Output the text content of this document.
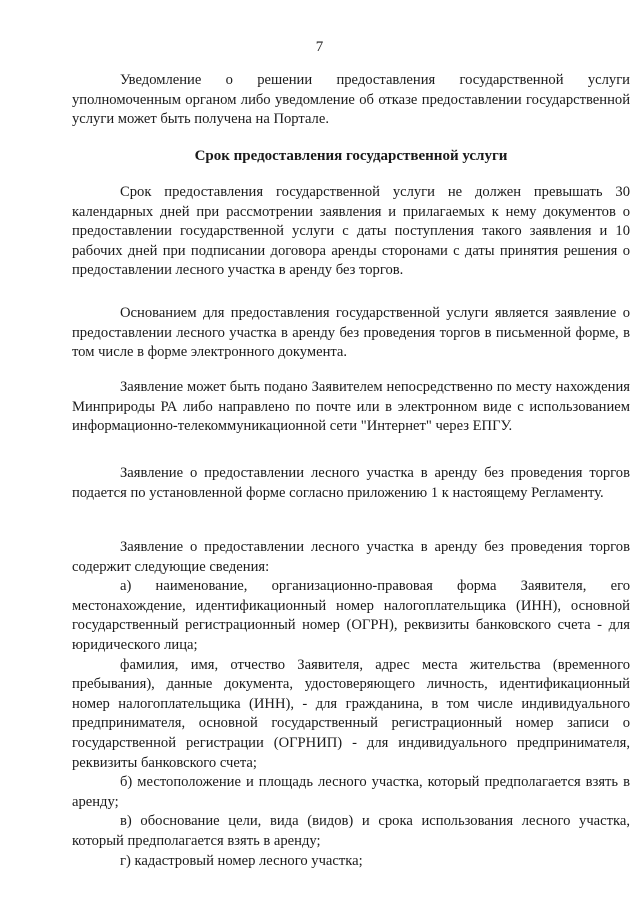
7

Уведомление о решении предоставления государственной услуги уполномоченным органом либо уведомление об отказе предоставлении государственной услуги может быть получена на Портале.

Срок предоставления государственной услуги

Срок предоставления государственной услуги не должен превышать 30 календарных дней при рассмотрении заявления и прилагаемых к нему документов о предоставлении государственной услуги с даты поступления такого заявления и 10 рабочих дней при подписании договора аренды сторонами с даты принятия решения о предоставлении лесного участка в аренду без торгов.

Основанием для предоставления государственной услуги является заявление о предоставлении лесного участка в аренду без проведения торгов в письменной форме, в том числе в форме электронного документа.

Заявление может быть подано Заявителем непосредственно по месту нахождения Минприроды РА либо направлено по почте или в электронном виде с использованием информационно-телекоммуникационной сети "Интернет" через ЕПГУ.

Заявление о предоставлении лесного участка в аренду без проведения торгов подается по установленной форме согласно приложению 1 к настоящему Регламенту.

Заявление о предоставлении лесного участка в аренду без проведения торгов содержит следующие сведения:

а) наименование, организационно-правовая форма Заявителя, его местонахождение, идентификационный номер налогоплательщика (ИНН), основной государственный регистрационный номер (ОГРН), реквизиты банковского счета - для юридического лица;

фамилия, имя, отчество Заявителя, адрес места жительства (временного пребывания), данные документа, удостоверяющего личность, идентификационный номер налогоплательщика (ИНН), - для гражданина, в том числе индивидуального предпринимателя, основной государственный регистрационный номер записи о государственной регистрации (ОГРНИП) - для индивидуального предпринимателя, реквизиты банковского счета;

б) местоположение и площадь лесного участка, который предполагается взять в аренду;

в) обоснование цели, вида (видов) и срока использования лесного участка, который предполагается взять в аренду;

г) кадастровый номер лесного участка;
